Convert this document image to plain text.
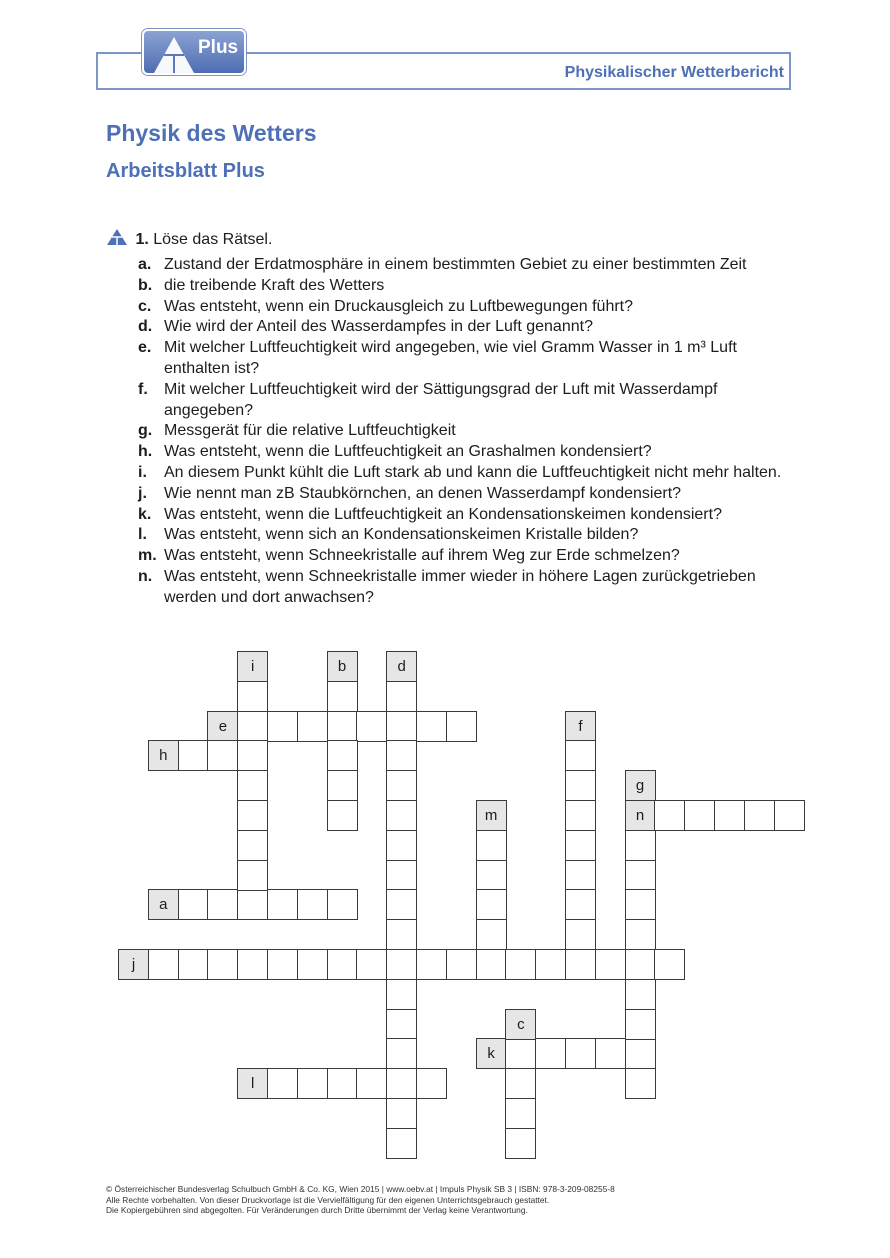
Plus
Physikalischer Wetterbericht
Physik des Wetters
Arbeitsblatt Plus
1. Löse das Rätsel.
a. Zustand der Erdatmosphäre in einem bestimmten Gebiet zu einer bestimmten Zeit
b. die treibende Kraft des Wetters
c. Was entsteht, wenn ein Druckausgleich zu Luftbewegungen führt?
d. Wie wird der Anteil des Wasserdampfes in der Luft genannt?
e. Mit welcher Luftfeuchtigkeit wird angegeben, wie viel Gramm Wasser in 1 m³ Luft enthalten ist?
f.	Mit welcher Luftfeuchtigkeit wird der Sättigungsgrad der Luft mit Wasserdampf angegeben?
g. Messgerät für die relative Luftfeuchtigkeit
h. Was entsteht, wenn die Luftfeuchtigkeit an Grashalmen kondensiert?
i.	An diesem Punkt kühlt die Luft stark ab und kann die Luftfeuchtigkeit nicht mehr halten.
j.	Wie nennt man zB Staubkörnchen, an denen Wasserdampf kondensiert?
k. Was entsteht, wenn die Luftfeuchtigkeit an Kondensationskeimen kondensiert?
l.	Was entsteht, wenn sich an Kondensationskeimen Kristalle bilden?
m. Was entsteht, wenn Schneekristalle auf ihrem Weg zur Erde schmelzen?
n. Was entsteht, wenn Schneekristalle immer wieder in höhere Lagen zurückgetrieben werden und dort anwachsen?
e
h
n
a
j
k
l
i	b	d
f
g
m
c
© Österreichischer Bundesverlag Schulbuch GmbH & Co. KG, Wien 2015 | www.oebv.at | Impuls Physik SB 3 | ISBN: 978-3-209-08255-8
Alle Rechte vorbehalten. Von dieser Druckvorlage ist die Vervielfältigung für den eigenen Unterrichtsgebrauch gestattet.
Die Kopiergebühren sind abgegolten. Für Veränderungen durch Dritte übernimmt der Verlag keine Verantwortung.
